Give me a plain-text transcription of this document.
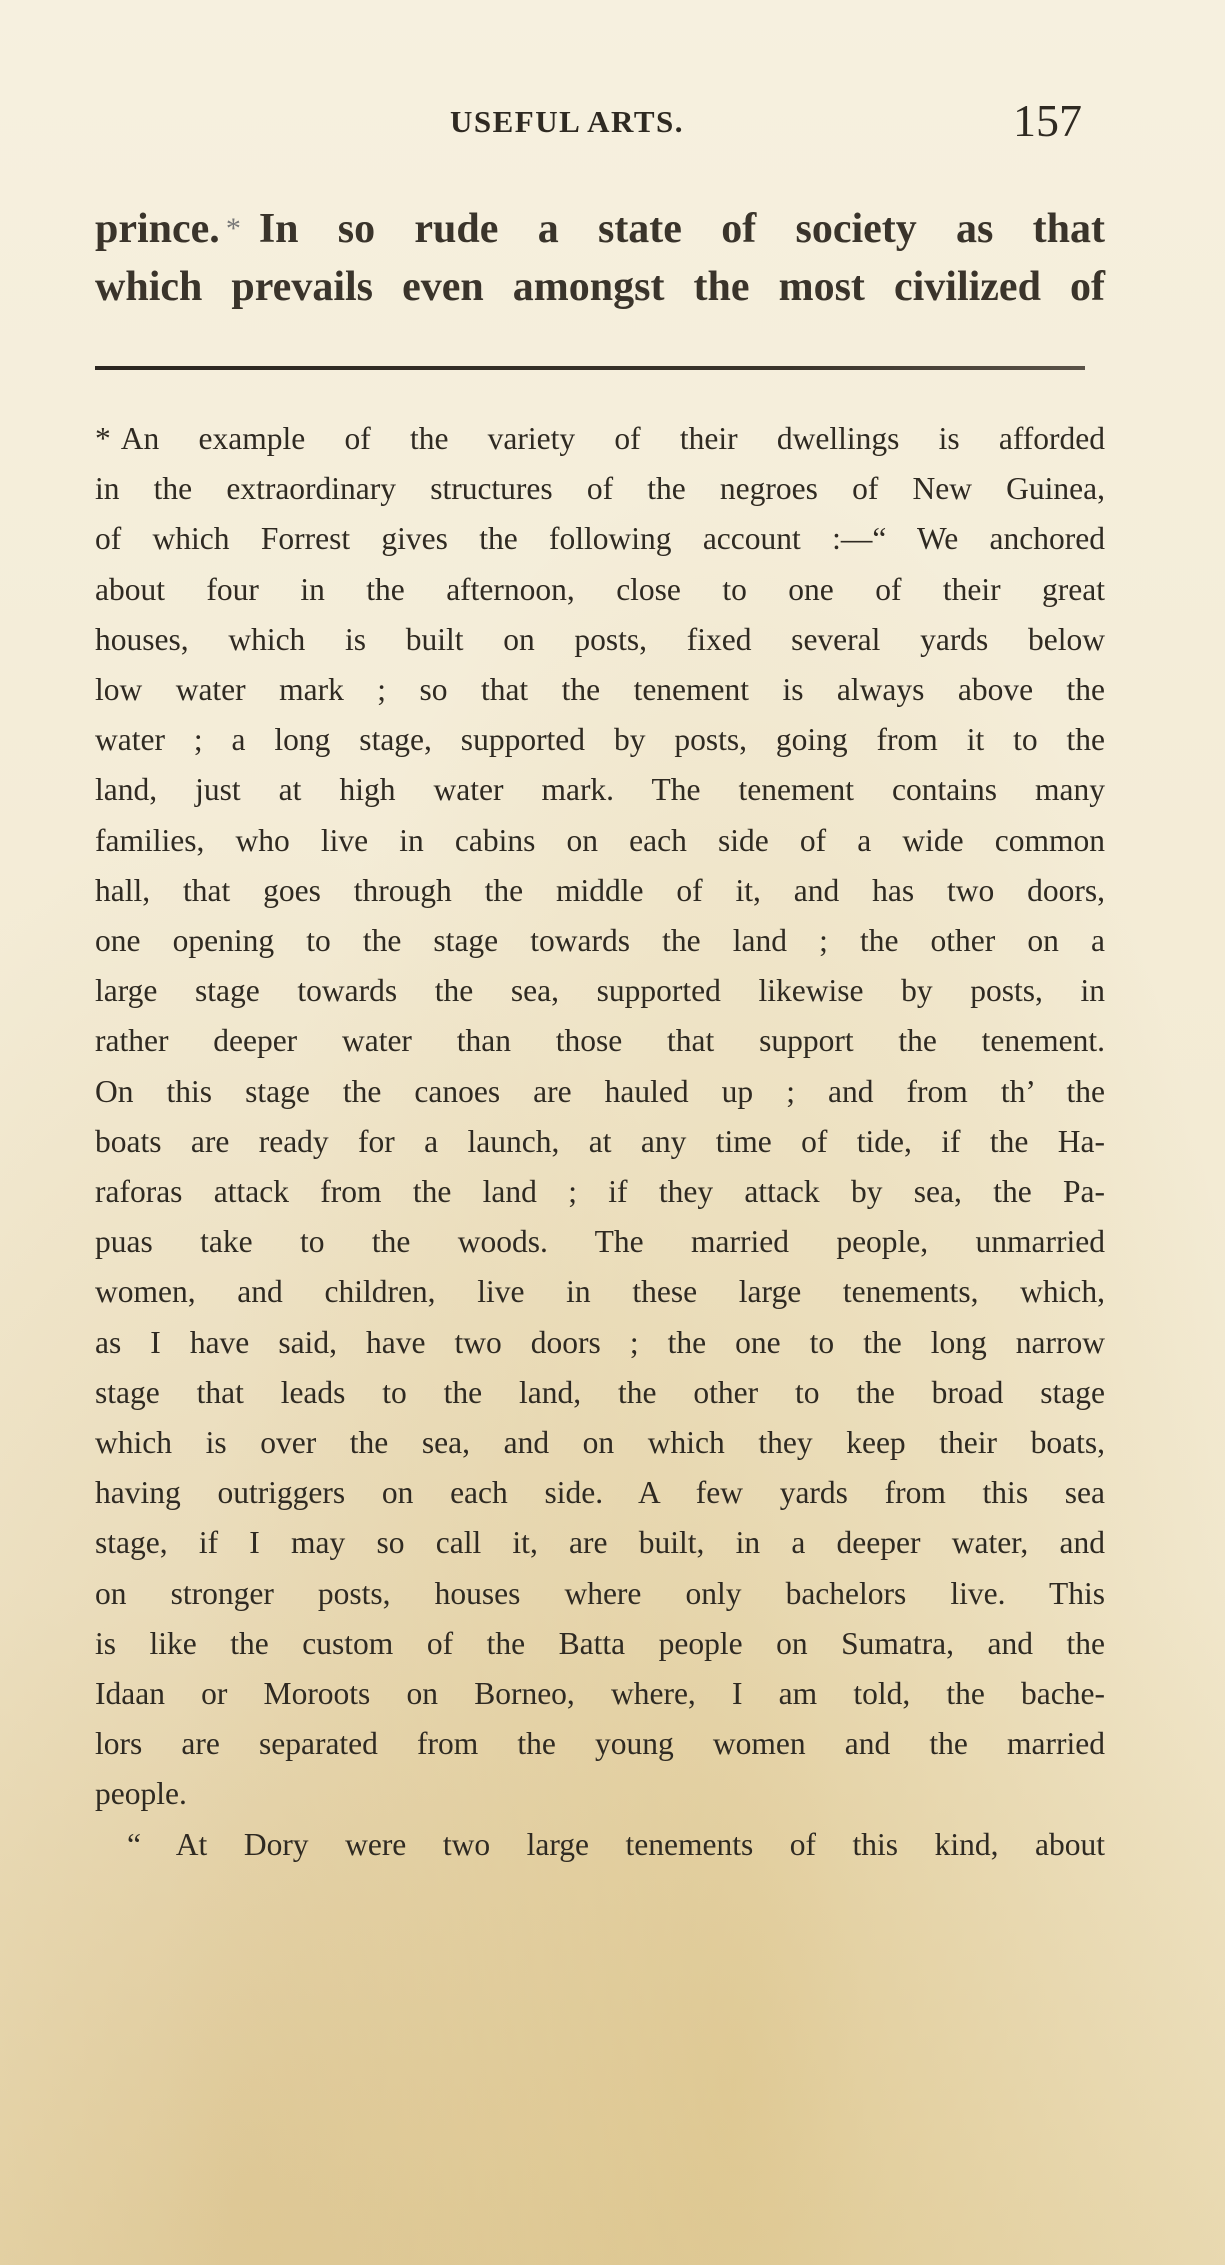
USEFUL ARTS.	157
prince. * In so rude a state of society as that
which prevails even amongst the most civilized of
* An example of the variety of their dwellings is afforded
in the extraordinary structures of the negroes of New Guinea,
of which Forrest gives the following account :—“ We anchored
about four in the afternoon, close to one of their great
houses, which is built on posts, fixed several yards below
low water mark ; so that the tenement is always above the
water ; a long stage, supported by posts, going from it to the
land, just at high water mark. The tenement contains many
families, who live in cabins on each side of a wide common
hall, that goes through the middle of it, and has two doors,
one opening to the stage towards the land ; the other on a
large stage towards the sea, supported likewise by posts, in
rather deeper water than those that support the tenement.
On this stage the canoes are hauled up ; and from th’ the
boats are ready for a launch, at any time of tide, if the Ha-
raforas attack from the land ; if they attack by sea, the Pa-
puas take to the woods. The married people, unmarried
women, and children, live in these large tenements, which,
as I have said, have two doors ; the one to the long narrow
stage that leads to the land, the other to the broad stage
which is over the sea, and on which they keep their boats,
having outriggers on each side. A few yards from this sea
stage, if I may so call it, are built, in a deeper water, and
on stronger posts, houses where only bachelors live. This
is like the custom of the Batta people on Sumatra, and the
Idaan or Moroots on Borneo, where, I am told, the bache-
lors are separated from the young women and the married
people.
“ At Dory were two large tenements of this kind, about
